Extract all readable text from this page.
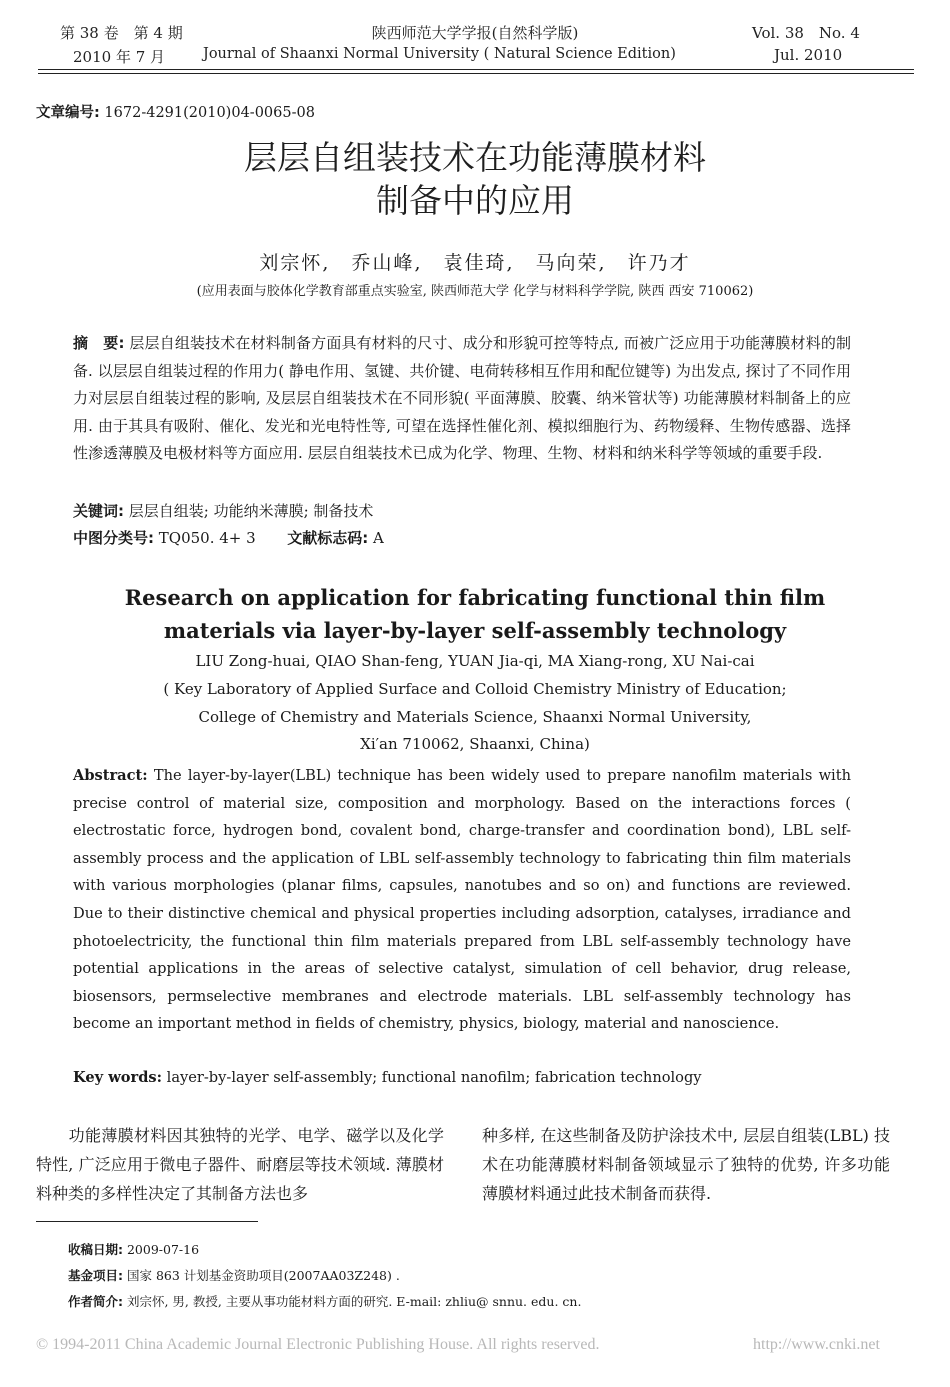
第 38 卷　第 4 期
2010 年 7 月
陕西师范大学学报(自然科学版)
Journal of Shaanxi Normal University ( Natural Science Edition)
Vol. 38　No. 4
Jul. 2010
文章编号: 1672-4291(2010)04-0065-08
层层自组装技术在功能薄膜材料
制备中的应用
刘宗怀,　乔山峰,　袁佳琦,　马向荣,　许乃才
(应用表面与胶体化学教育部重点实验室, 陕西师范大学 化学与材料科学学院, 陕西 西安 710062)
摘　要: 层层自组装技术在材料制备方面具有材料的尺寸、成分和形貌可控等特点, 而被广泛应用于功能薄膜材料的制备. 以层层自组装过程的作用力( 静电作用、氢键、共价键、电荷转移相互作用和配位键等) 为出发点, 探讨了不同作用力对层层自组装过程的影响, 及层层自组装技术在不同形貌( 平面薄膜、胶囊、纳米管状等) 功能薄膜材料制备上的应用. 由于其具有吸附、催化、发光和光电特性等, 可望在选择性催化剂、模拟细胞行为、药物缓释、生物传感器、选择性渗透薄膜及电极材料等方面应用. 层层自组装技术已成为化学、物理、生物、材料和纳米科学等领域的重要手段.
关键词: 层层自组装; 功能纳米薄膜; 制备技术
中图分类号: TQ050. 4+ 3 文献标志码: A
Research on application for fabricating functional thin film
materials via layer-by-layer self-assembly technology
LIU Zong-huai, QIAO Shan-feng, YUAN Jia-qi, MA Xiang-rong, XU Nai-cai
( Key Laboratory of Applied Surface and Colloid Chemistry Ministry of Education;
College of Chemistry and Materials Science, Shaanxi Normal University,
Xi′an 710062, Shaanxi, China)
Abstract: The layer-by-layer(LBL) technique has been widely used to prepare nanofilm materials with precise control of material size, composition and morphology. Based on the interactions forces ( electrostatic force, hydrogen bond, covalent bond, charge-transfer and coordination bond), LBL self-assembly process and the application of LBL self-assembly technology to fabricating thin film materials with various morphologies (planar films, capsules, nanotubes and so on) and functions are reviewed. Due to their distinctive chemical and physical properties including adsorption, catalyses, irradiance and photoelectricity, the functional thin film materials prepared from LBL self-assembly technology have potential applications in the areas of selective catalyst, simulation of cell behavior, drug release, biosensors, permselective membranes and electrode materials. LBL self-assembly technology has become an important method in fields of chemistry, physics, biology, material and nanoscience.
Key words: layer-by-layer self-assembly; functional nanofilm; fabrication technology
　　功能薄膜材料因其独特的光学、电学、磁学以及化学特性, 广泛应用于微电子器件、耐磨层等技术领域. 薄膜材料种类的多样性决定了其制备方法也多
种多样, 在这些制备及防护涂技术中, 层层自组装(LBL) 技术在功能薄膜材料制备领域显示了独特的优势, 许多功能薄膜材料通过此技术制备而获得.
收稿日期: 2009-07-16
基金项目: 国家 863 计划基金资助项目(2007AA03Z248) .
作者简介: 刘宗怀, 男, 教授, 主要从事功能材料方面的研究. E-mail: zhliu@ snnu. edu. cn.
© 1994-2011 China Academic Journal Electronic Publishing House. All rights reserved.	http://www.cnki.net
